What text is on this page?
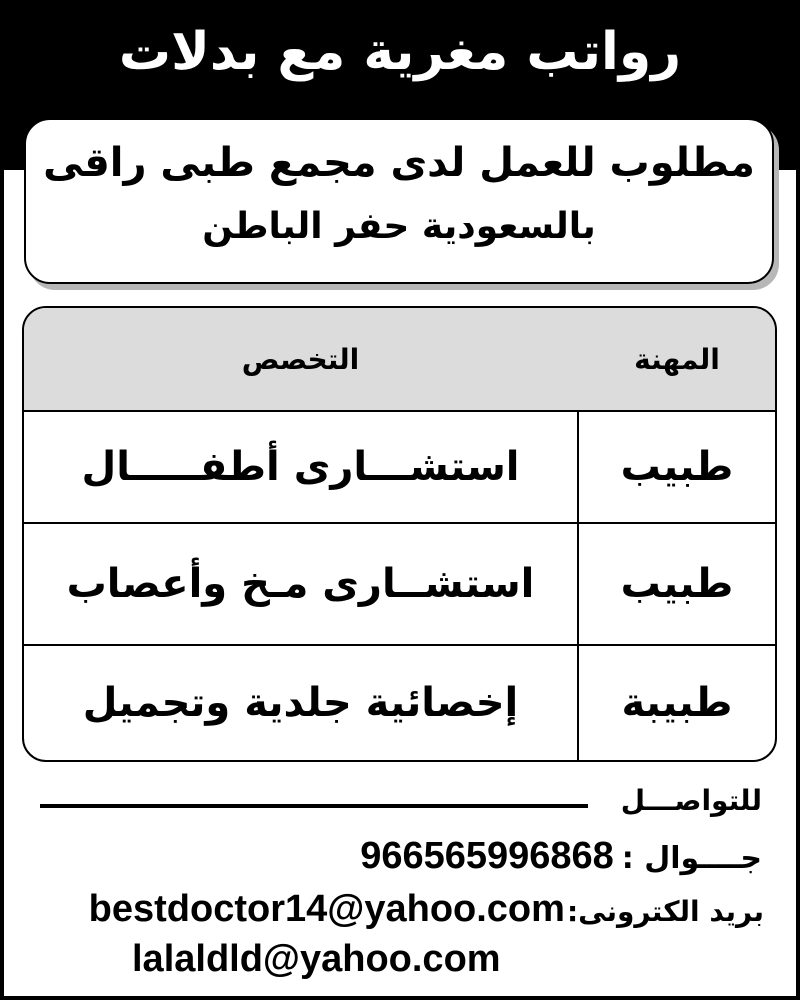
رواتب مغرية مع بدلات
مطلوب للعمل لدى مجمع طبى راقى
بالسعودية حفر الباطن
المهنة
التخصص
طبيب
استشـــارى أطفـــــال
طبيب
استشــارى مـخ وأعصاب
طبيبة
إخصائية جلدية وتجميل
للتواصـــل
جــــوال :
966565996868
بريد الكترونى:
bestdoctor14@yahoo.com
lalaldld@yahoo.com
